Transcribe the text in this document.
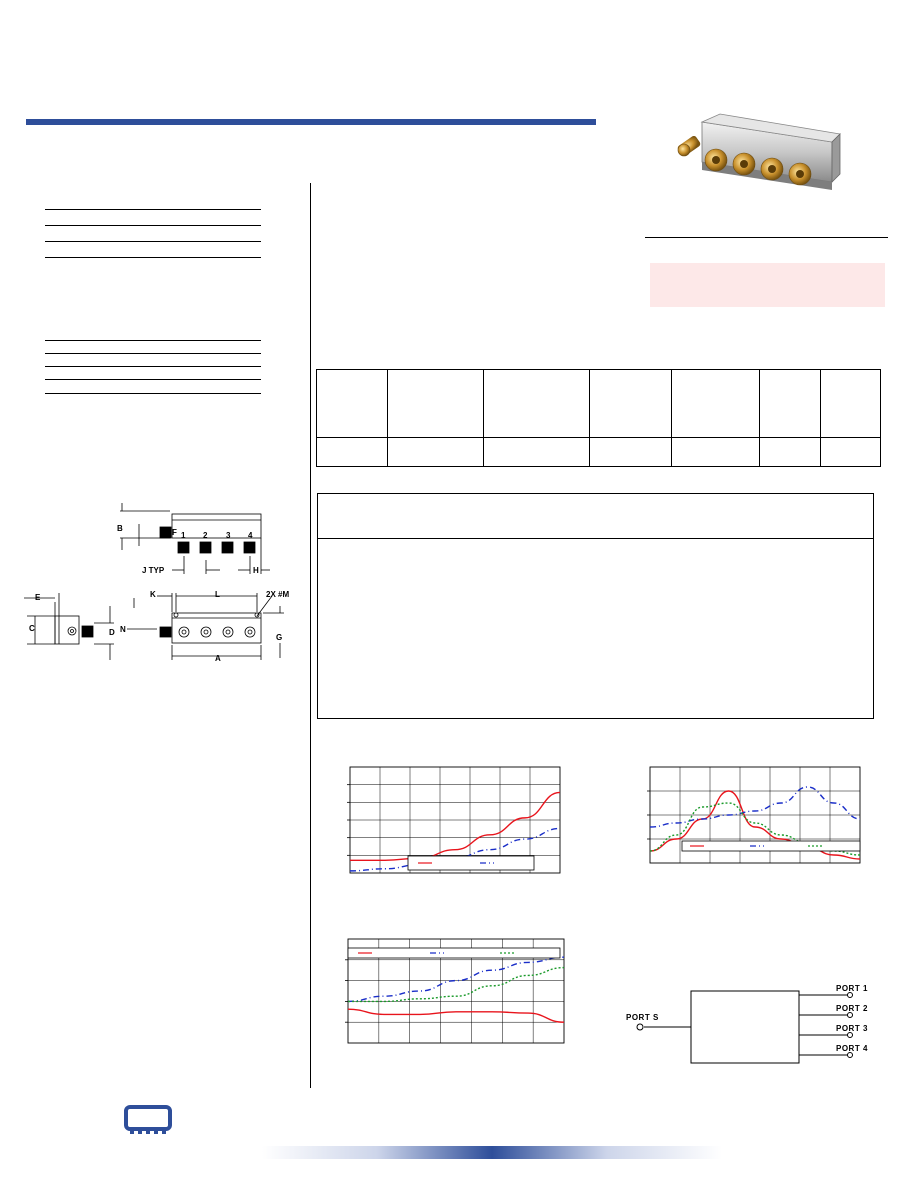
B	F 1 2 3 4
J TYP	H
E	K	L	2X #M
C	D N
G
A
PORT S
PORT 1
PORT 2
PORT 3
PORT 4
